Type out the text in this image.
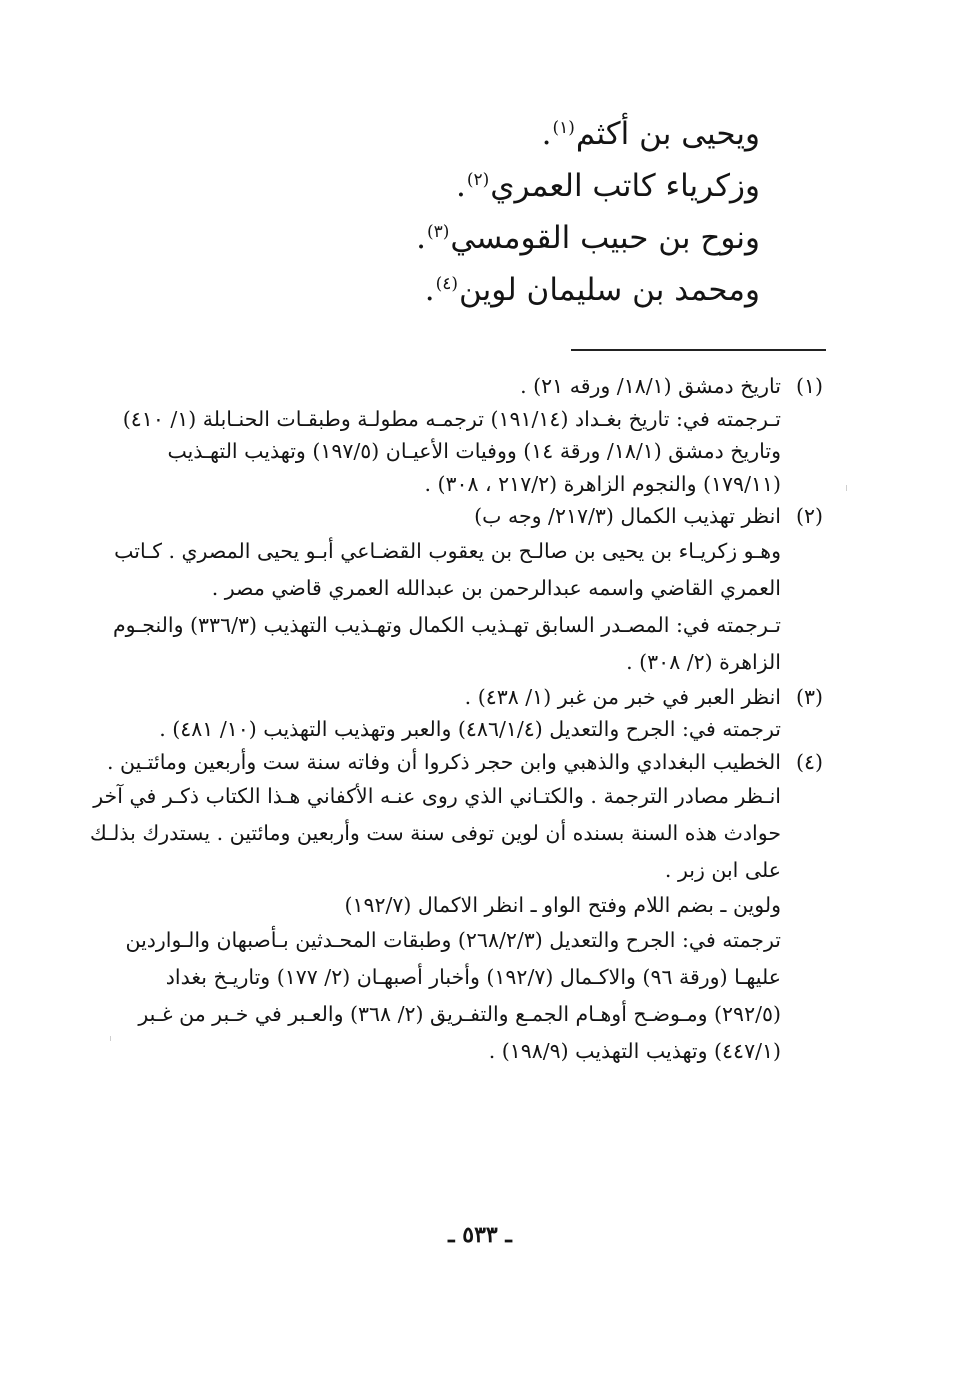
ويحيى بن أكثم$^{(١)}$.
وزكرياء كاتب العمري$^{(٢)}$.
ونوح بن حبيب القومسي$^{(٣)}$.
ومحمد بن سليمان لوين$^{(٤)}$.
(١)تاريخ دمشق (١٨/١/ ورقه ٢١) .
تـرجمته في: تاريخ بغـداد (١٩١/١٤) ترجمـه مطولـة وطبقـات الحنـابلة (١/ ٤١٠)
وتاريخ دمشق (١٨/١/ ورقة ١٤) ووفيات الأعيـان (١٩٧/٥) وتهذيب التهـذيب
(١٧٩/١١) والنجوم الزاهرة (٢١٧/٢ ، ٣٠٨) .
(٢)انظر تهذيب الكمال (٢١٧/٣/ وجه ب)
وهـو زكريـاء بن يحيى بن صالـح بن يعقوب القضـاعي أبـو يحيى المصري . كـاتب
العمري القاضي واسمه عبدالرحمن بن عبدالله العمري قاضي مصر .
تـرجمته في: المصـدر السابق تهـذيب الكمال وتهـذيب التهذيب (٣٣٦/٣) والنجـوم
الزاهرة (٢/ ٣٠٨) .
(٣)انظر العبر في خبر من غبر (١/ ٤٣٨) .
ترجمته في: الجرح والتعديل (٤٨٦/١/٤) والعبر وتهذيب التهذيب (١٠/ ٤٨١) .
(٤)الخطيب البغدادي والذهبي وابن حجر ذكروا أن وفاته سنة ست وأربعين ومائتـين .
انـظر مصادر الترجمة . والكتـاني الذي روى عنـه الأكفاني هـذا الكتاب ذكـر في آخر
حوادث هذه السنة بسنده أن لوين توفى سنة ست وأربعين ومائتين . يستدرك بذلـك
على ابن زبر .
ولوين ـ بضم اللام وفتح الواو ـ انظر الاكمال (١٩٢/٧)
ترجمته في: الجرح والتعديل (٢٦٨/٢/٣) وطبقات المحـدثين بـأصبهان والـواردين
عليهـا (ورقة ٩٦) والاكـمال (١٩٢/٧) وأخبار أصبهـان (٢/ ١٧٧) وتاريـخ بغداد
(٢٩٢/٥) ومـوضـح أوهـام الجمـع والتفـريق (٢/ ٣٦٨) والعـبر في خـبر من غـبر
(٤٤٧/١) وتهذيب التهذيب (١٩٨/٩) .
ـ ٥٣٣ ـ
